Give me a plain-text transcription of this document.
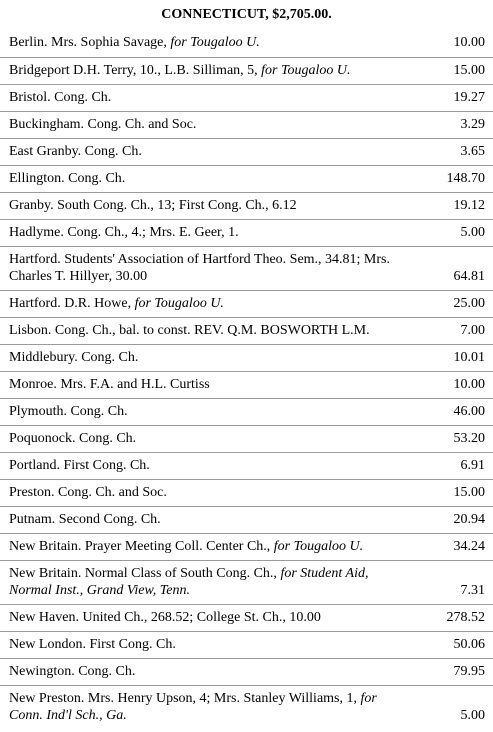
CONNECTICUT, $2,705.00.
Berlin. Mrs. Sophia Savage, for Tougaloo U.	10.00
Bridgeport D.H. Terry, 10., L.B. Silliman, 5, for Tougaloo U.	15.00
Bristol. Cong. Ch.	19.27
Buckingham. Cong. Ch. and Soc.	3.29
East Granby. Cong. Ch.	3.65
Ellington. Cong. Ch.	148.70
Granby. South Cong. Ch., 13; First Cong. Ch., 6.12	19.12
Hadlyme. Cong. Ch., 4.; Mrs. E. Geer, 1.	5.00
Hartford. Students' Association of Hartford Theo. Sem., 34.81; Mrs.
Charles T. Hillyer, 30.00	64.81
Hartford. D.R. Howe, for Tougaloo U.	25.00
Lisbon. Cong. Ch., bal. to const. REV. Q.M. BOSWORTH L.M.	7.00
Middlebury. Cong. Ch.	10.01
Monroe. Mrs. F.A. and H.L. Curtiss	10.00
Plymouth. Cong. Ch.	46.00
Poquonock. Cong. Ch.	53.20
Portland. First Cong. Ch.	6.91
Preston. Cong. Ch. and Soc.	15.00
Putnam. Second Cong. Ch.	20.94
New Britain. Prayer Meeting Coll. Center Ch., for Tougaloo U.	34.24
New Britain. Normal Class of South Cong. Ch., for Student Aid,
Normal Inst., Grand View, Tenn.	7.31
New Haven. United Ch., 268.52; College St. Ch., 10.00	278.52
New London. First Cong. Ch.	50.06
Newington. Cong. Ch.	79.95
New Preston. Mrs. Henry Upson, 4; Mrs. Stanley Williams, 1, for
Conn. Ind'l Sch., Ga.	5.00
